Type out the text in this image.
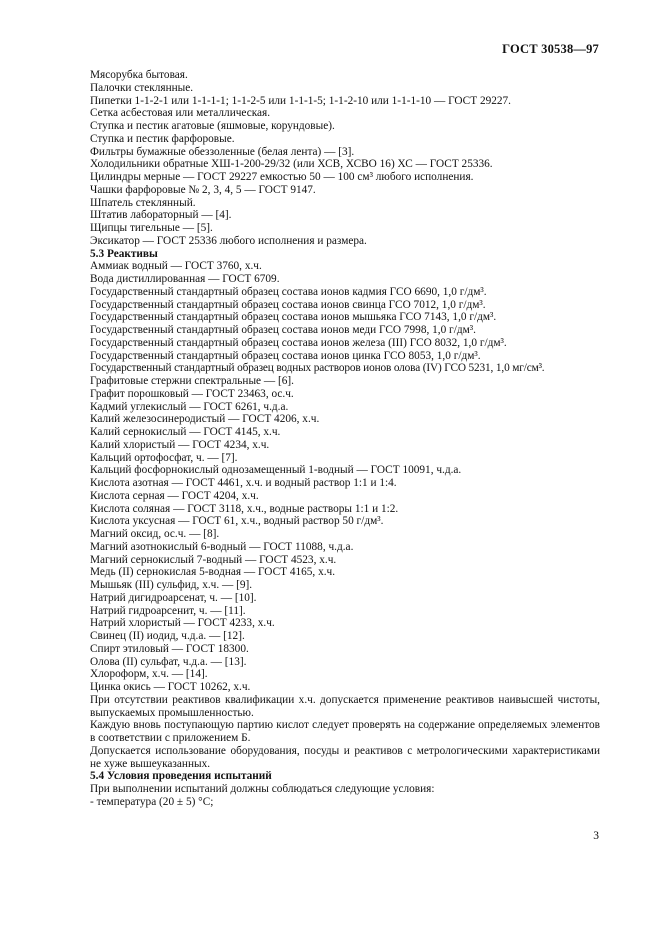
ГОСТ 30538—97
Мясорубка бытовая.
Палочки стеклянные.
Пипетки 1-1-2-1 или 1-1-1-1; 1-1-2-5 или 1-1-1-5; 1-1-2-10 или 1-1-1-10 — ГОСТ 29227.
Сетка асбестовая или металлическая.
Ступка и пестик агатовые (яшмовые, корундовые).
Ступка и пестик фарфоровые.
Фильтры бумажные обеззоленные (белая лента) — [3].
Холодильники обратные ХШ-1-200-29/32 (или ХСВ, ХСВО 16) ХС — ГОСТ 25336.
Цилиндры мерные — ГОСТ 29227 емкостью 50 — 100 см³ любого исполнения.
Чашки фарфоровые № 2, 3, 4, 5 — ГОСТ 9147.
Шпатель стеклянный.
Штатив лабораторный — [4].
Щипцы тигельные — [5].
Эксикатор — ГОСТ 25336 любого исполнения и размера.
5.3 Реактивы
Аммиак водный — ГОСТ 3760, х.ч.
Вода дистиллированная — ГОСТ 6709.
Государственный стандартный образец состава ионов кадмия ГСО 6690, 1,0 г/дм³.
Государственный стандартный образец состава ионов свинца ГСО 7012, 1,0 г/дм³.
Государственный стандартный образец состава ионов мышьяка ГСО 7143, 1,0 г/дм³.
Государственный стандартный образец состава ионов меди ГСО 7998, 1,0 г/дм³.
Государственный стандартный образец состава ионов железа (III) ГСО 8032, 1,0 г/дм³.
Государственный стандартный образец состава ионов цинка ГСО 8053, 1,0 г/дм³.
Государственный стандартный образец водных растворов ионов олова (IV) ГСО 5231, 1,0 мг/см³.
Графитовые стержни спектральные — [6].
Графит порошковый — ГОСТ 23463, ос.ч.
Кадмий углекислый — ГОСТ 6261, ч.д.а.
Калий железосинеродистый — ГОСТ 4206, х.ч.
Калий сернокислый — ГОСТ 4145, х.ч.
Калий хлористый — ГОСТ 4234, х.ч.
Кальций ортофосфат, ч. — [7].
Кальций фосфорнокислый однозамещенный 1-водный — ГОСТ 10091, ч.д.а.
Кислота азотная — ГОСТ 4461, х.ч. и водный раствор 1:1 и 1:4.
Кислота серная — ГОСТ 4204, х.ч.
Кислота соляная — ГОСТ 3118, х.ч., водные растворы 1:1 и 1:2.
Кислота уксусная — ГОСТ 61, х.ч., водный раствор 50 г/дм³.
Магний оксид, ос.ч. — [8].
Магний азотнокислый 6-водный — ГОСТ 11088, ч.д.а.
Магний сернокислый 7-водный — ГОСТ 4523, х.ч.
Медь (II) сернокислая 5-водная — ГОСТ 4165, х.ч.
Мышьяк (III) сульфид, х.ч. — [9].
Натрий дигидроарсенат, ч. — [10].
Натрий гидроарсенит, ч. — [11].
Натрий хлористый — ГОСТ 4233, х.ч.
Свинец (II) иодид, ч.д.а. — [12].
Спирт этиловый — ГОСТ 18300.
Олова (II) сульфат, ч.д.а. — [13].
Хлороформ, х.ч. — [14].
Цинка окись — ГОСТ 10262, х.ч.
При отсутствии реактивов квалификации х.ч. допускается применение реактивов наивысшей чистоты, выпускаемых промышленностью.
Каждую вновь поступающую партию кислот следует проверять на содержание определяемых элементов в соответствии с приложением Б.
Допускается использование оборудования, посуды и реактивов с метрологическими характеристиками не хуже вышеуказанных.
5.4 Условия проведения испытаний
При выполнении испытаний должны соблюдаться следующие условия:
- температура (20 ± 5) °С;
3
